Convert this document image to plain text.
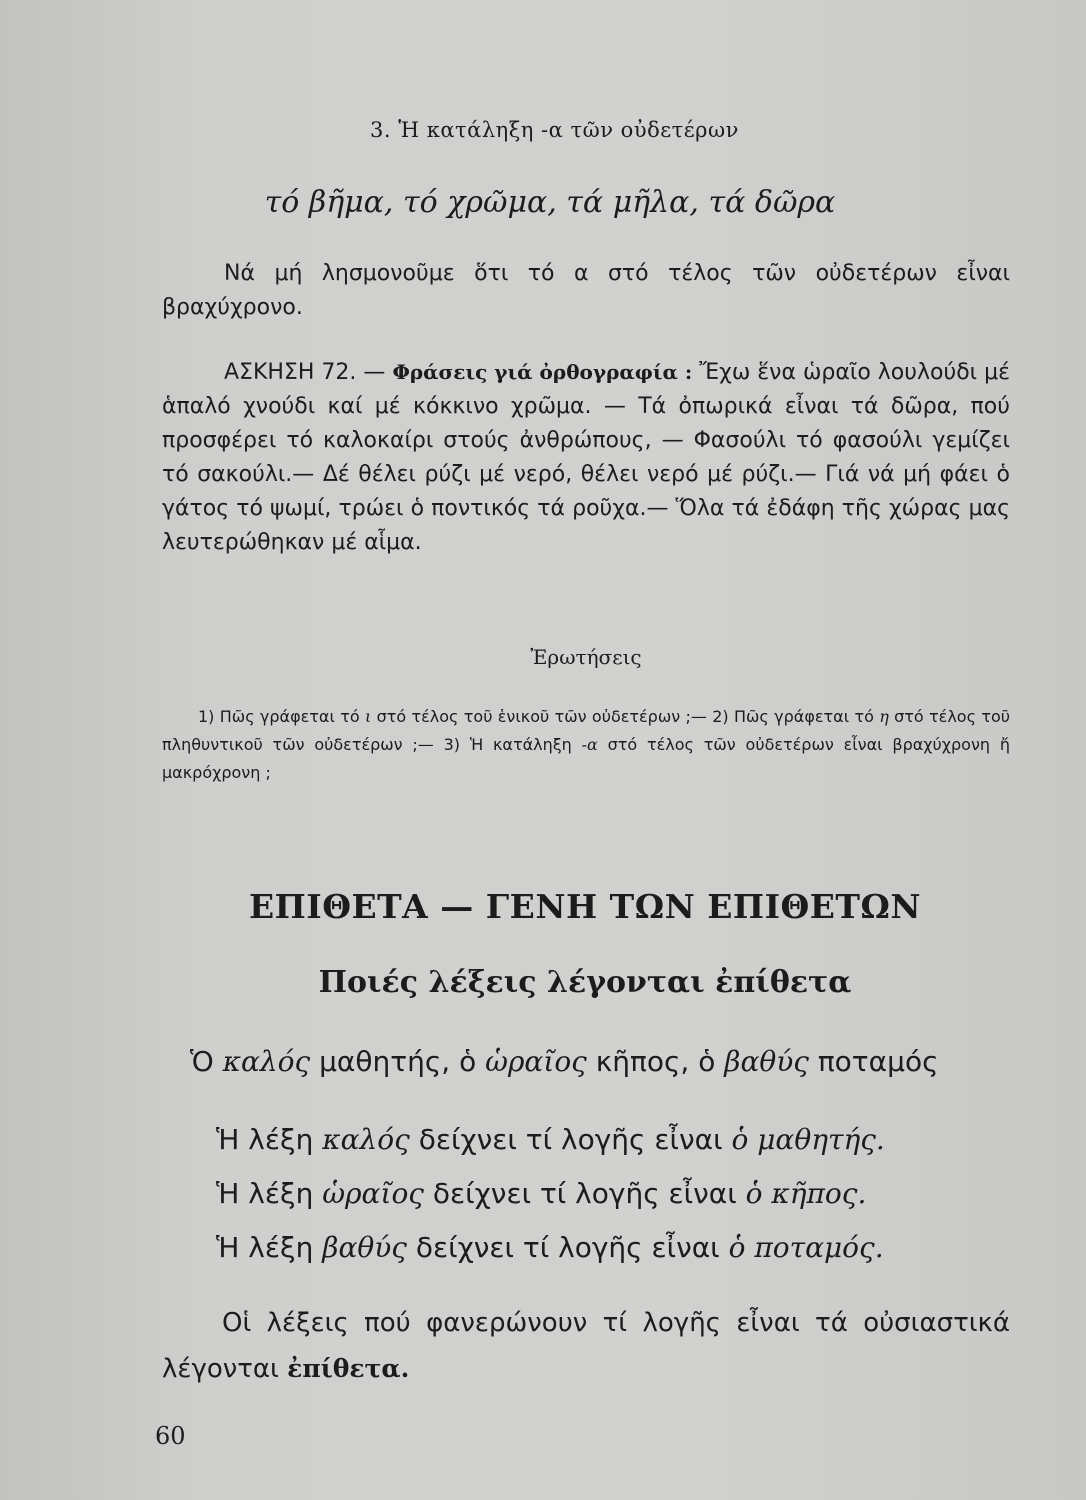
3. Ἡ κατάληξη -α τῶν οὐδετέρων
τό βῆμα, τό χρῶμα, τά μῆλα, τά δῶρα

Νά μή λησμονοῦμε ὅτι τό α στό τέλος τῶν οὐδετέρων εἶναι βραχύχρονο.

ΑΣΚΗΣΗ 72. — Φράσεις γιά ὀρθογραφία : Ἔχω ἕνα ὡραῖο λουλούδι μέ ἁπαλό χνούδι καί μέ κόκκινο χρῶμα. — Τά ὀπωρικά εἶναι τά δῶρα, πού προσφέρει τό καλοκαίρι στούς ἀνθρώπους, — Φασούλι τό φασούλι γεμίζει τό σακούλι.— Δέ θέλει ρύζι μέ νερό, θέλει νερό μέ ρύζι.— Γιά νά μή φάει ὁ γάτος τό ψωμί, τρώει ὁ ποντικός τά ροῦχα.— Ὅλα τά ἐδάφη τῆς χώρας μας λευτερώθηκαν μέ αἷμα.

Ἐρωτήσεις
1) Πῶς γράφεται τό ι στό τέλος τοῦ ἑνικοῦ τῶν οὐδετέρων ;— 2) Πῶς γράφεται τό η στό τέλος τοῦ πληθυντικοῦ τῶν οὐδετέρων ;— 3) Ἡ κατάληξη -α στό τέλος τῶν οὐδετέρων εἶναι βραχύχρονη ἤ μακρόχρονη ;
ΕΠΙΘΕΤΑ — ΓΕΝΗ ΤΩΝ ΕΠΙΘΕΤΩΝ
Ποιές λέξεις λέγονται ἐπίθετα
Ὁ καλός μαθητής, ὁ ὡραῖος κῆπος, ὁ βαθύς ποταμός
Ἡ λέξη καλός δείχνει τί λογῆς εἶναι ὁ μαθητής.
Ἡ λέξη ὡραῖος δείχνει τί λογῆς εἶναι ὁ κῆπος.
Ἡ λέξη βαθύς δείχνει τί λογῆς εἶναι ὁ ποταμός.
Οἱ λέξεις πού φανερώνουν τί λογῆς εἶναι τά οὐσιαστικά λέγονται ἐπίθετα.
60
